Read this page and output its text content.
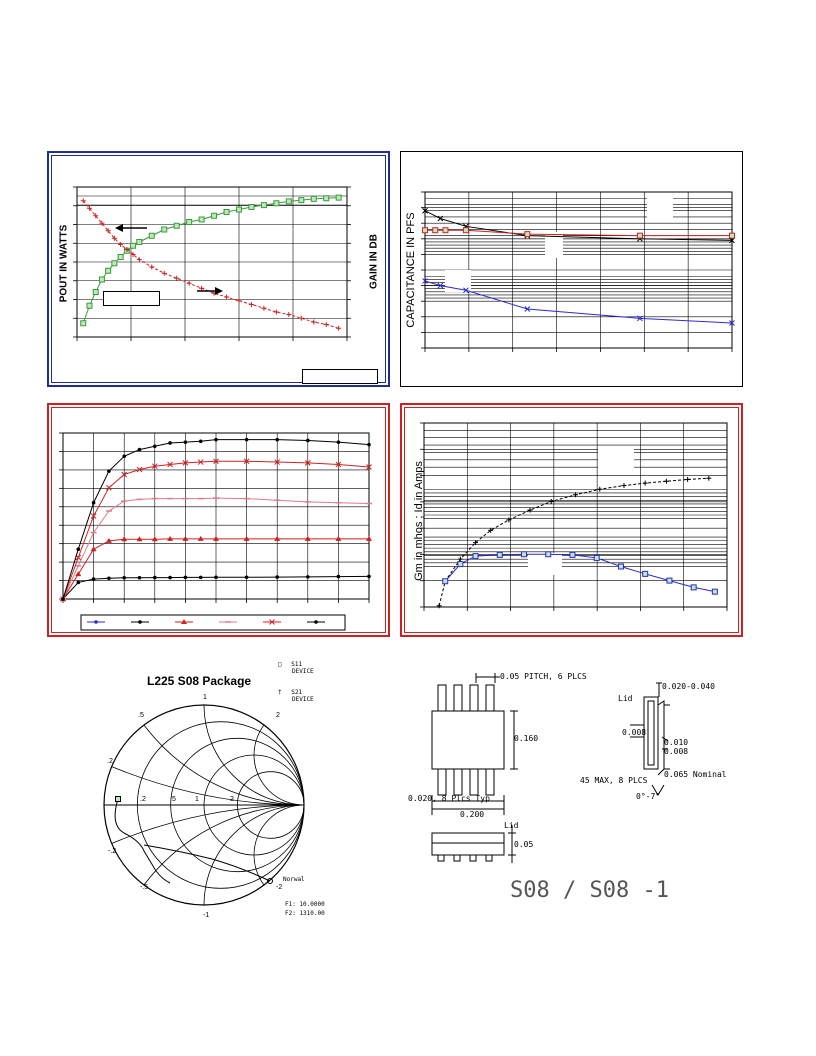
POUT IN WATTS	GAIN IN DB CAPACITANCE IN PFS
Gm in mhos ; Id in Amps
L225 S08 Package
.5	2
1
.2
.2	.5	1	2
-.2
-.5	-2
-1
□ S11
DEVICE
† S21
DEVICE
Norwal
F1: 10.0000
F2: 1310.00
0.05 PITCH, 6 PLCS
0.160
0.020, 8 Plcs Typ
0.200
Lid
0.05
Lid
0.020-0.040
0.008
0.010
0.008
0.065 Nominal
45 MAX, 8 PLCS
0°-7°
S08 / S08 -1
